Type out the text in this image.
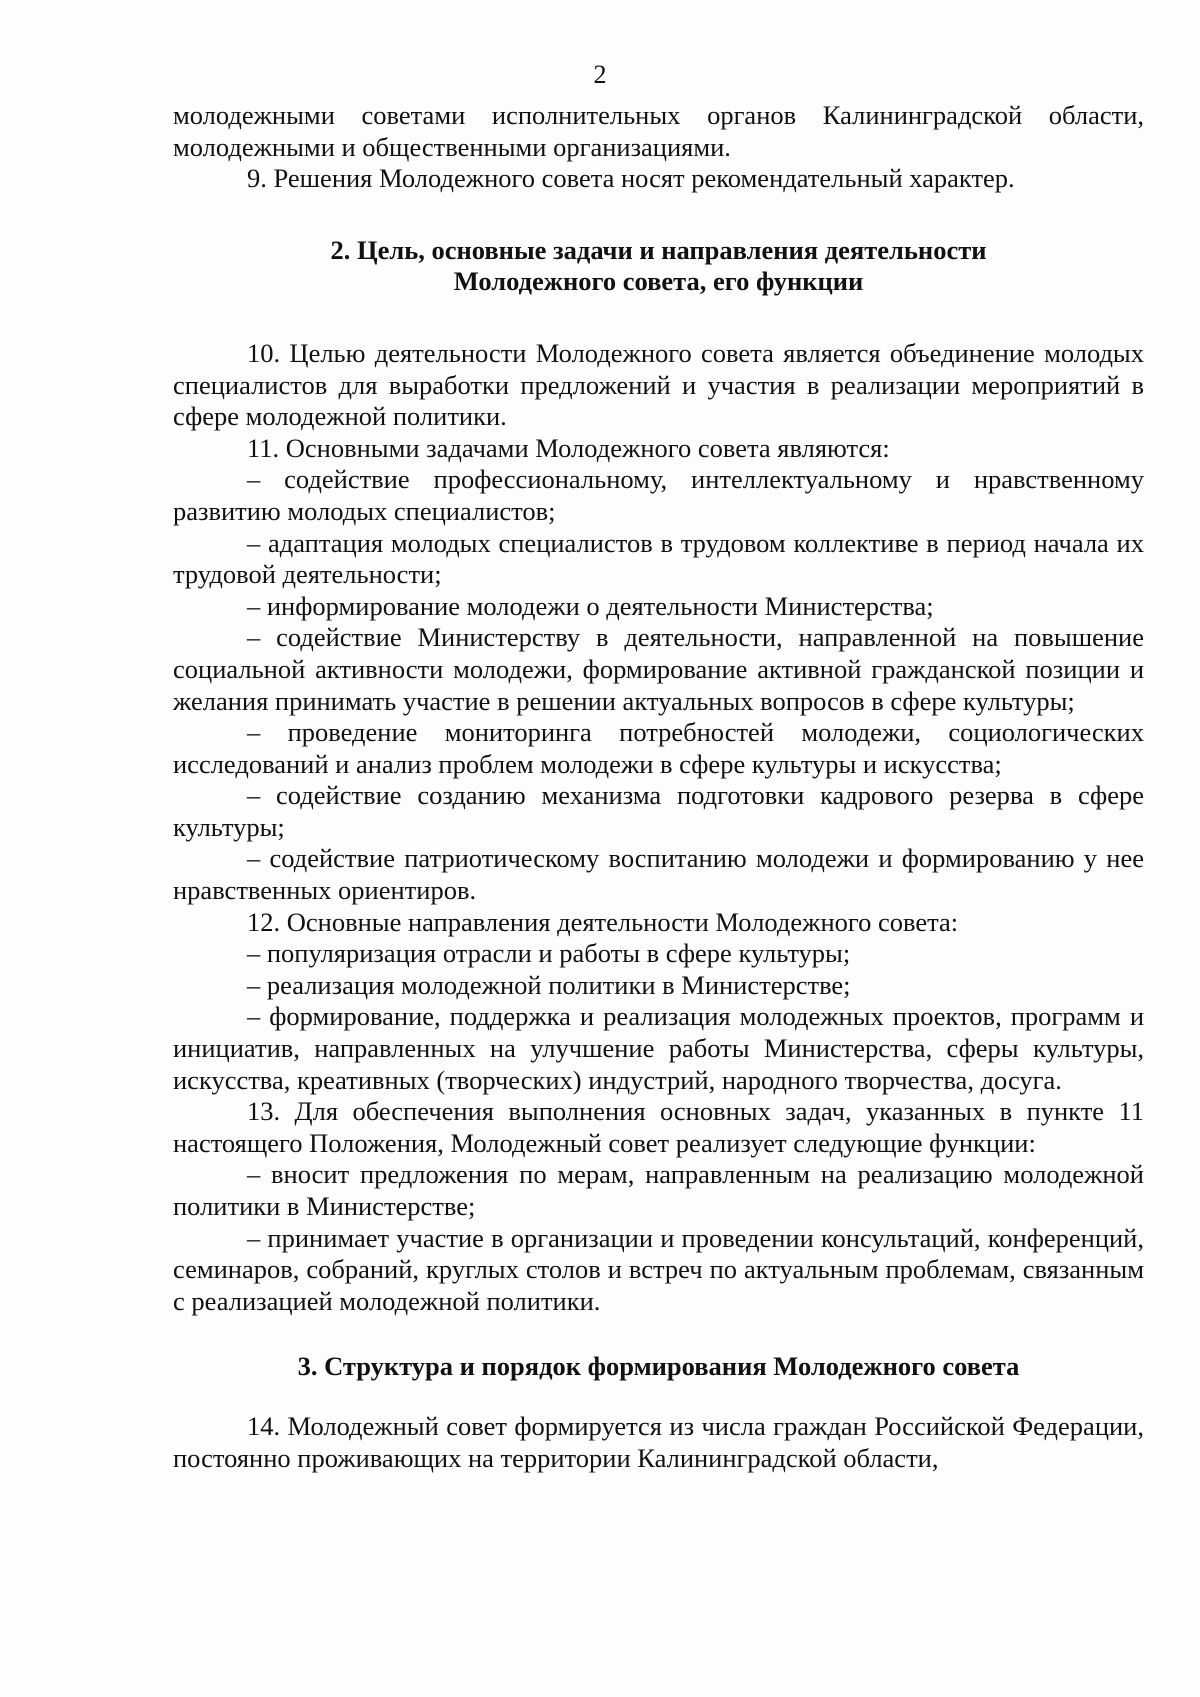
2

молодежными советами исполнительных органов Калининградской области, молодежными и общественными организациями.

9. Решения Молодежного совета носят рекомендательный характер.

2. Цель, основные задачи и направления деятельности Молодежного совета, его функции

10. Целью деятельности Молодежного совета является объединение молодых специалистов для выработки предложений и участия в реализации мероприятий в сфере молодежной политики.

11. Основными задачами Молодежного совета являются:

– содействие профессиональному, интеллектуальному и нравственному развитию молодых специалистов;

– адаптация молодых специалистов в трудовом коллективе в период начала их трудовой деятельности;

– информирование молодежи о деятельности Министерства;

– содействие Министерству в деятельности, направленной на повышение социальной активности молодежи, формирование активной гражданской позиции и желания принимать участие в решении актуальных вопросов в сфере культуры;

– проведение мониторинга потребностей молодежи, социологических исследований и анализ проблем молодежи в сфере культуры и искусства;

– содействие созданию механизма подготовки кадрового резерва в сфере культуры;

– содействие патриотическому воспитанию молодежи и формированию у нее нравственных ориентиров.

12. Основные направления деятельности Молодежного совета:

– популяризация отрасли и работы в сфере культуры;

– реализация молодежной политики в Министерстве;

– формирование, поддержка и реализация молодежных проектов, программ и инициатив, направленных на улучшение работы Министерства, сферы культуры, искусства, креативных (творческих) индустрий, народного творчества, досуга.

13. Для обеспечения выполнения основных задач, указанных в пункте 11 настоящего Положения, Молодежный совет реализует следующие функции:

– вносит предложения по мерам, направленным на реализацию молодежной политики в Министерстве;

– принимает участие в организации и проведении консультаций, конференций, семинаров, собраний, круглых столов и встреч по актуальным проблемам, связанным с реализацией молодежной политики.

3. Структура и порядок формирования Молодежного совета

14. Молодежный совет формируется из числа граждан Российской Федерации, постоянно проживающих на территории Калининградской области,
